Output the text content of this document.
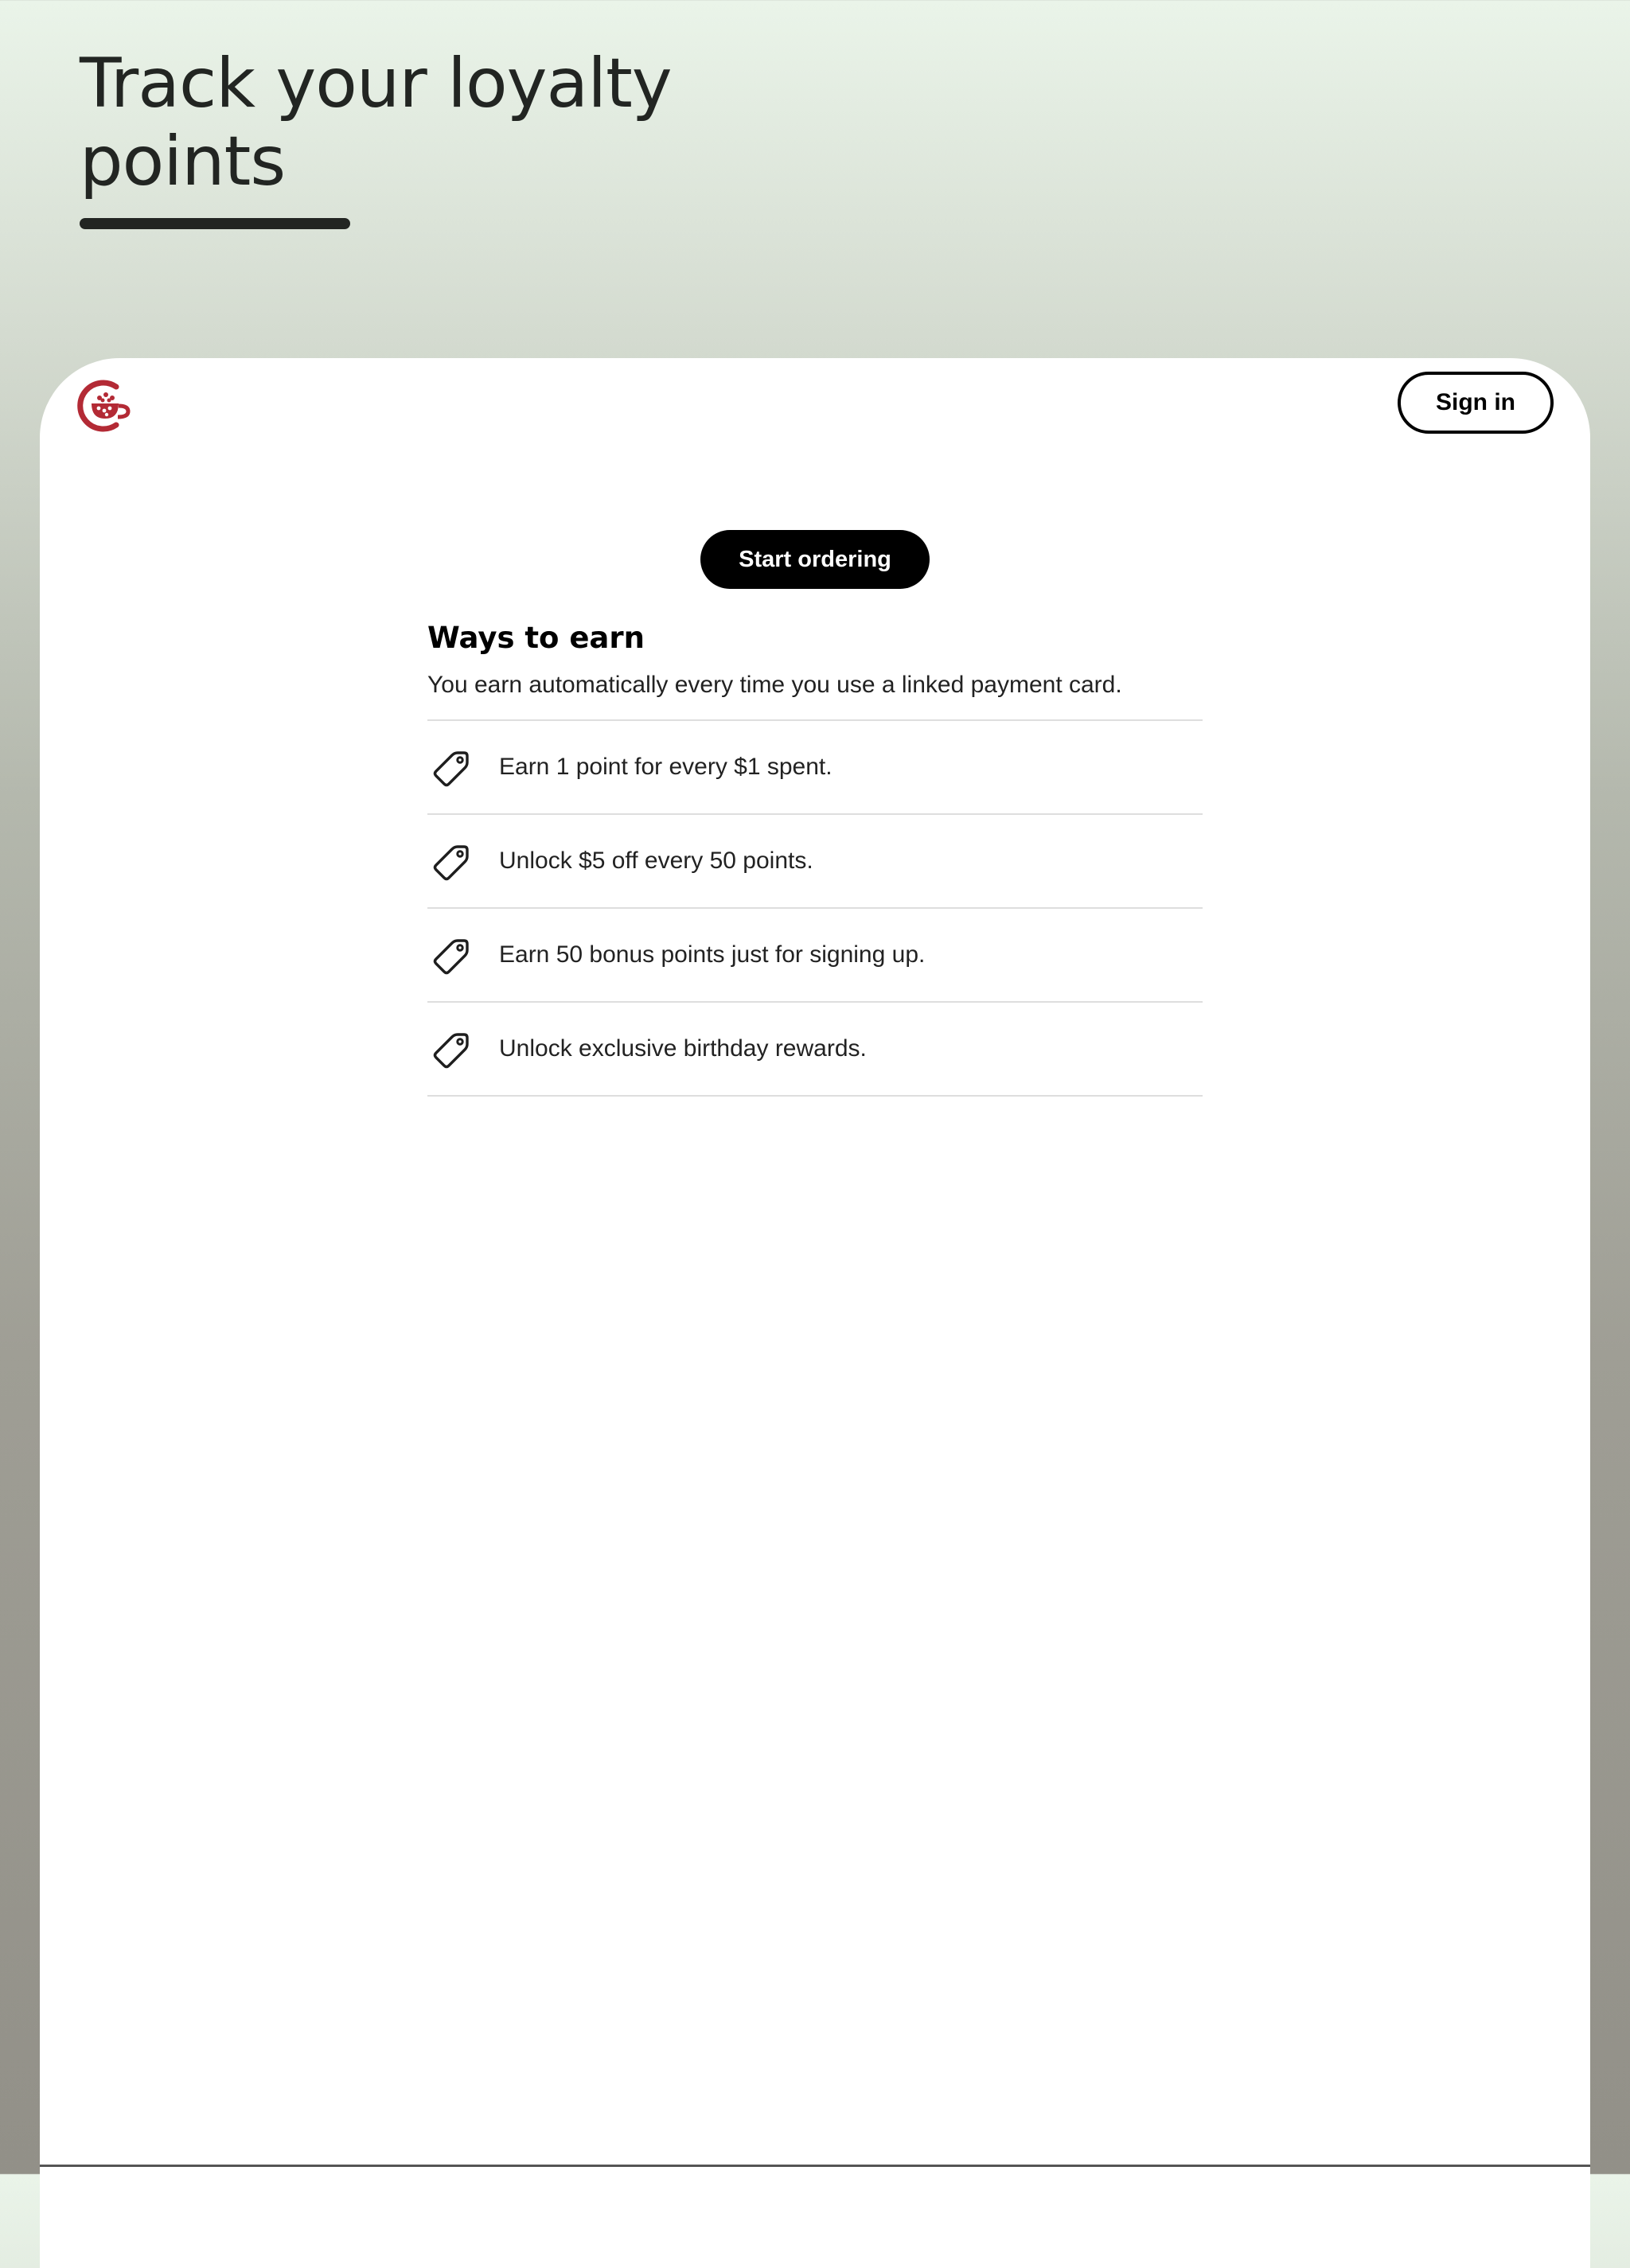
Track your loyalty
points
Sign in
Start ordering
Ways to earn

You earn automatically every time you use a linked payment card.

Earn 1 point for every $1 spent.
Unlock $5 off every 50 points.
Earn 50 bonus points just for signing up.
Unlock exclusive birthday rewards.
